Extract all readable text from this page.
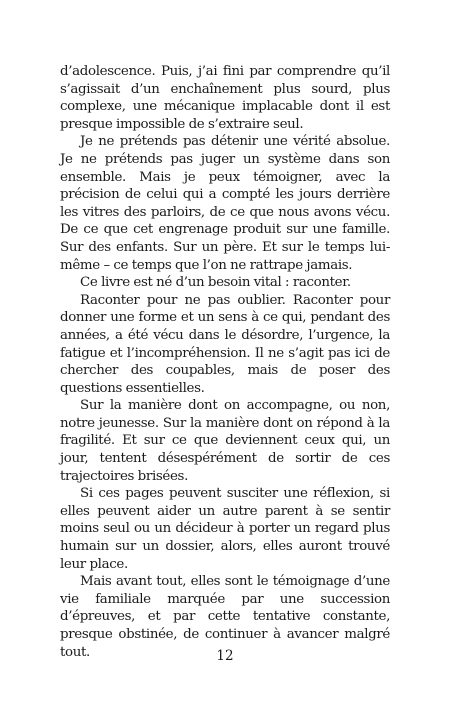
d’adolescence. Puis, j’ai fini par comprendre qu’il s’agissait d’un enchaînement plus sourd, plus complexe, une mécanique implacable dont il est presque impossible de s’extraire seul.

Je ne prétends pas détenir une vérité absolue. Je ne prétends pas juger un système dans son ensemble. Mais je peux témoigner, avec la précision de celui qui a compté les jours derrière les vitres des parloirs, de ce que nous avons vécu. De ce que cet engrenage produit sur une famille. Sur des enfants. Sur un père. Et sur le temps lui-même – ce temps que l’on ne rattrape jamais.

Ce livre est né d’un besoin vital : raconter.

Raconter pour ne pas oublier. Raconter pour donner une forme et un sens à ce qui, pendant des années, a été vécu dans le désordre, l’urgence, la fatigue et l’incompréhension. Il ne s’agit pas ici de chercher des coupables, mais de poser des questions essentielles.

Sur la manière dont on accompagne, ou non, notre jeunesse. Sur la manière dont on répond à la fragilité. Et sur ce que deviennent ceux qui, un jour, tentent désespérément de sortir de ces trajectoires brisées.

Si ces pages peuvent susciter une réflexion, si elles peuvent aider un autre parent à se sentir moins seul ou un décideur à porter un regard plus humain sur un dossier, alors, elles auront trouvé leur place.

Mais avant tout, elles sont le témoignage d’une vie familiale marquée par une succession d’épreuves, et par cette tentative constante, presque obstinée, de continuer à avancer malgré tout.	12
